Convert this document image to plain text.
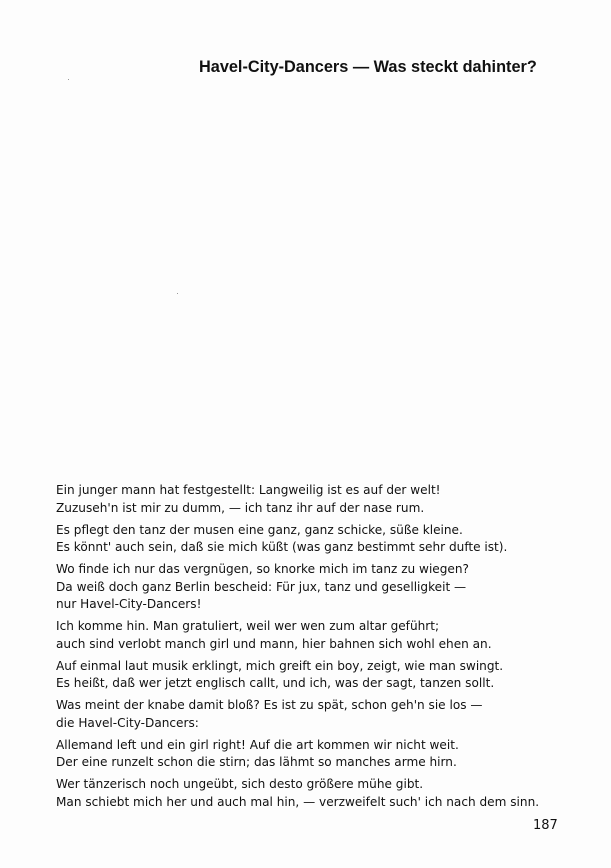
Havel-City-Dancers — Was steckt dahinter?
Ein junger mann hat festgestellt: Langweilig ist es auf der welt!
Zuzuseh'n ist mir zu dumm, — ich tanz ihr auf der nase rum.
Es pflegt den tanz der musen eine ganz, ganz schicke, süße kleine.
Es könnt' auch sein, daß sie mich küßt (was ganz bestimmt sehr dufte ist).
Wo finde ich nur das vergnügen, so knorke mich im tanz zu wiegen?
Da weiß doch ganz Berlin bescheid: Für jux, tanz und geselligkeit —
nur Havel-City-Dancers!
Ich komme hin. Man gratuliert, weil wer wen zum altar geführt;
auch sind verlobt manch girl und mann, hier bahnen sich wohl ehen an.
Auf einmal laut musik erklingt, mich greift ein boy, zeigt, wie man swingt.
Es heißt, daß wer jetzt englisch callt, und ich, was der sagt, tanzen sollt.
Was meint der knabe damit bloß? Es ist zu spät, schon geh'n sie los —
die Havel-City-Dancers:
Allemand left und ein girl right! Auf die art kommen wir nicht weit.
Der eine runzelt schon die stirn; das lähmt so manches arme hirn.
Wer tänzerisch noch ungeübt, sich desto größere mühe gibt.
Man schiebt mich her und auch mal hin, — verzweifelt such' ich nach dem sinn.
187
